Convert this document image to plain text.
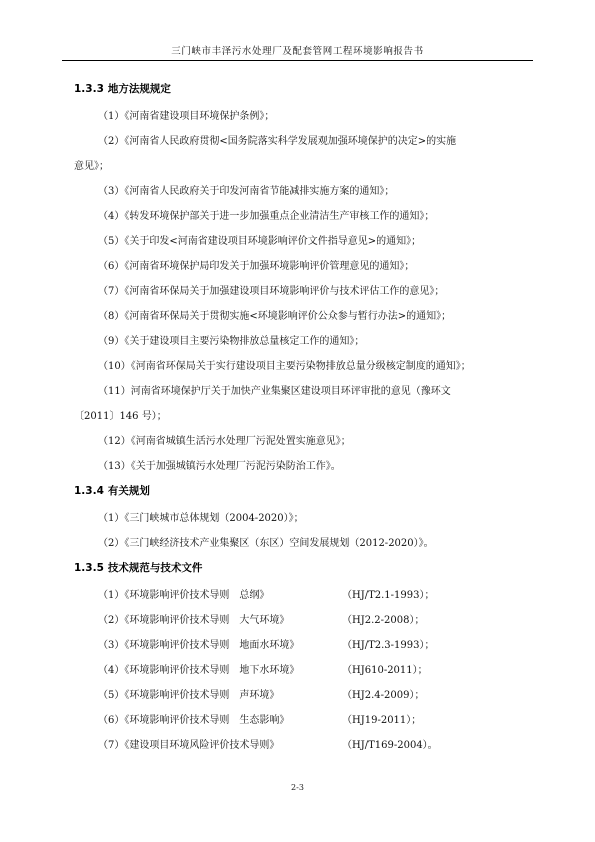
三门峡市丰泽污水处理厂及配套管网工程环境影响报告书
1.3.3 地方法规规定
（1）《河南省建设项目环境保护条例》；
（2）《河南省人民政府贯彻<国务院落实科学发展观加强环境保护的决定>的实施
意见》；
（3）《河南省人民政府关于印发河南省节能减排实施方案的通知》；
（4）《转发环境保护部关于进一步加强重点企业清洁生产审核工作的通知》；
（5）《关于印发<河南省建设项目环境影响评价文件指导意见>的通知》；
（6）《河南省环境保护局印发关于加强环境影响评价管理意见的通知》；
（7）《河南省环保局关于加强建设项目环境影响评价与技术评估工作的意见》；
（8）《河南省环保局关于贯彻实施<环境影响评价公众参与暂行办法>的通知》；
（9）《关于建设项目主要污染物排放总量核定工作的通知》；
（10）《河南省环保局关于实行建设项目主要污染物排放总量分级核定制度的通知》；
（11）河南省环境保护厅关于加快产业集聚区建设项目环评审批的意见（豫环文
〔2011〕146 号）；
（12）《河南省城镇生活污水处理厂污泥处置实施意见》；
（13）《关于加强城镇污水处理厂污泥污染防治工作》。
1.3.4 有关规划
（1）《三门峡城市总体规划（2004-2020）》；
（2）《三门峡经济技术产业集聚区（东区）空间发展规划（2012-2020）》。
1.3.5 技术规范与技术文件
（1）《环境影响评价技术导则　总纲》	（HJ/T2.1-1993）；
（2）《环境影响评价技术导则　大气环境》	（HJ2.2-2008）；
（3）《环境影响评价技术导则　地面水环境》	（HJ/T2.3-1993）；
（4）《环境影响评价技术导则　地下水环境》	（HJ610-2011）；
（5）《环境影响评价技术导则　声环境》	（HJ2.4-2009）；
（6）《环境影响评价技术导则　生态影响》	（HJ19-2011）；
（7）《建设项目环境风险评价技术导则》	（HJ/T169-2004）。
2-3
